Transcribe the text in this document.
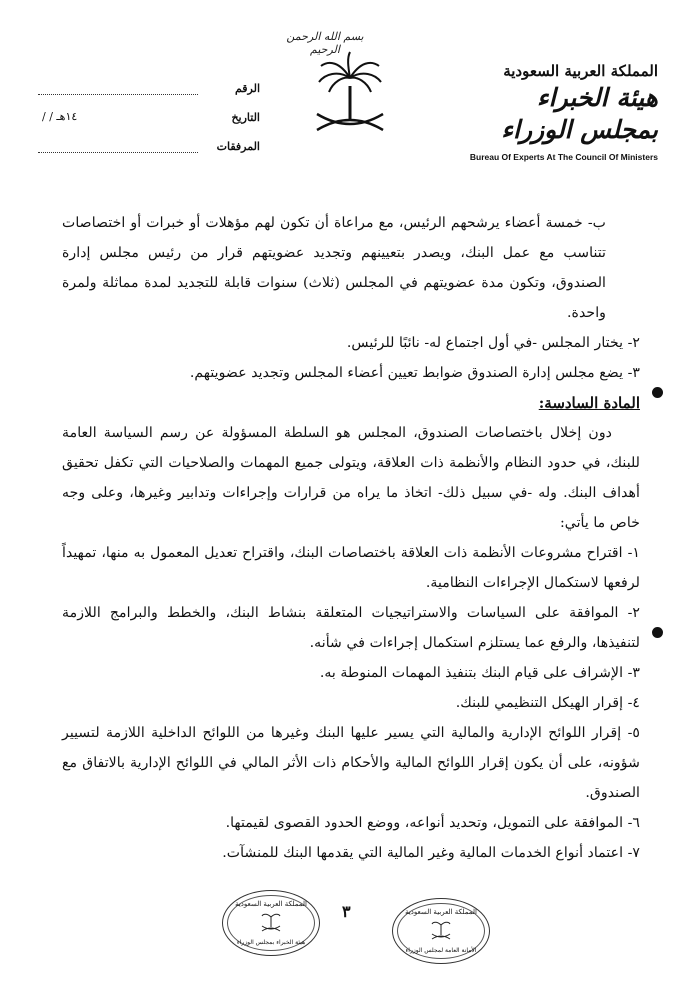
بسم الله الرحمن الرحيم
المملكة العربية السعودية
هيئة الخبراء بمجلس الوزراء
Bureau Of Experts At The Council Of Ministers
الرقم
التاريخ
/ / ١٤هـ
المرفقات

ب- خمسة أعضاء يرشحهم الرئيس، مع مراعاة أن تكون لهم مؤهلات أو خبرات أو اختصاصات تتناسب مع عمل البنك، ويصدر بتعيينهم وتجديد عضويتهم قرار من رئيس مجلس إدارة الصندوق، وتكون مدة عضويتهم في المجلس (ثلاث) سنوات قابلة للتجديد لمدة مماثلة ولمرة واحدة.

٢- يختار المجلس -في أول اجتماع له- نائبًا للرئيس.

٣- يضع مجلس إدارة الصندوق ضوابط تعيين أعضاء المجلس وتجديد عضويتهم.

المادة السادسة:

دون إخلال باختصاصات الصندوق، المجلس هو السلطة المسؤولة عن رسم السياسة العامة للبنك، في حدود النظام والأنظمة ذات العلاقة، ويتولى جميع المهمات والصلاحيات التي تكفل تحقيق أهداف البنك. وله -في سبيل ذلك- اتخاذ ما يراه من قرارات وإجراءات وتدابير وغيرها، وعلى وجه خاص ما يأتي:

١- اقتراح مشروعات الأنظمة ذات العلاقة باختصاصات البنك، واقتراح تعديل المعمول به منها، تمهيداً لرفعها لاستكمال الإجراءات النظامية.

٢- الموافقة على السياسات والاستراتيجيات المتعلقة بنشاط البنك، والخطط والبرامج اللازمة لتنفيذها، والرفع عما يستلزم استكمال إجراءات في شأنه.

٣- الإشراف على قيام البنك بتنفيذ المهمات المنوطة به.

٤- إقرار الهيكل التنظيمي للبنك.

٥- إقرار اللوائح الإدارية والمالية التي يسير عليها البنك وغيرها من اللوائح الداخلية اللازمة لتسيير شؤونه، على أن يكون إقرار اللوائح المالية والأحكام ذات الأثر المالي في اللوائح الإدارية بالاتفاق مع الصندوق.

٦- الموافقة على التمويل، وتحديد أنواعه، ووضع الحدود القصوى لقيمتها.

٧- اعتماد أنواع الخدمات المالية وغير المالية التي يقدمها البنك للمنشآت.

٣
المملكة العربية السعودية
هيئة الخبراء بمجلس الوزراء
المملكة العربية السعودية
الأمانة العامة لمجلس الوزراء
